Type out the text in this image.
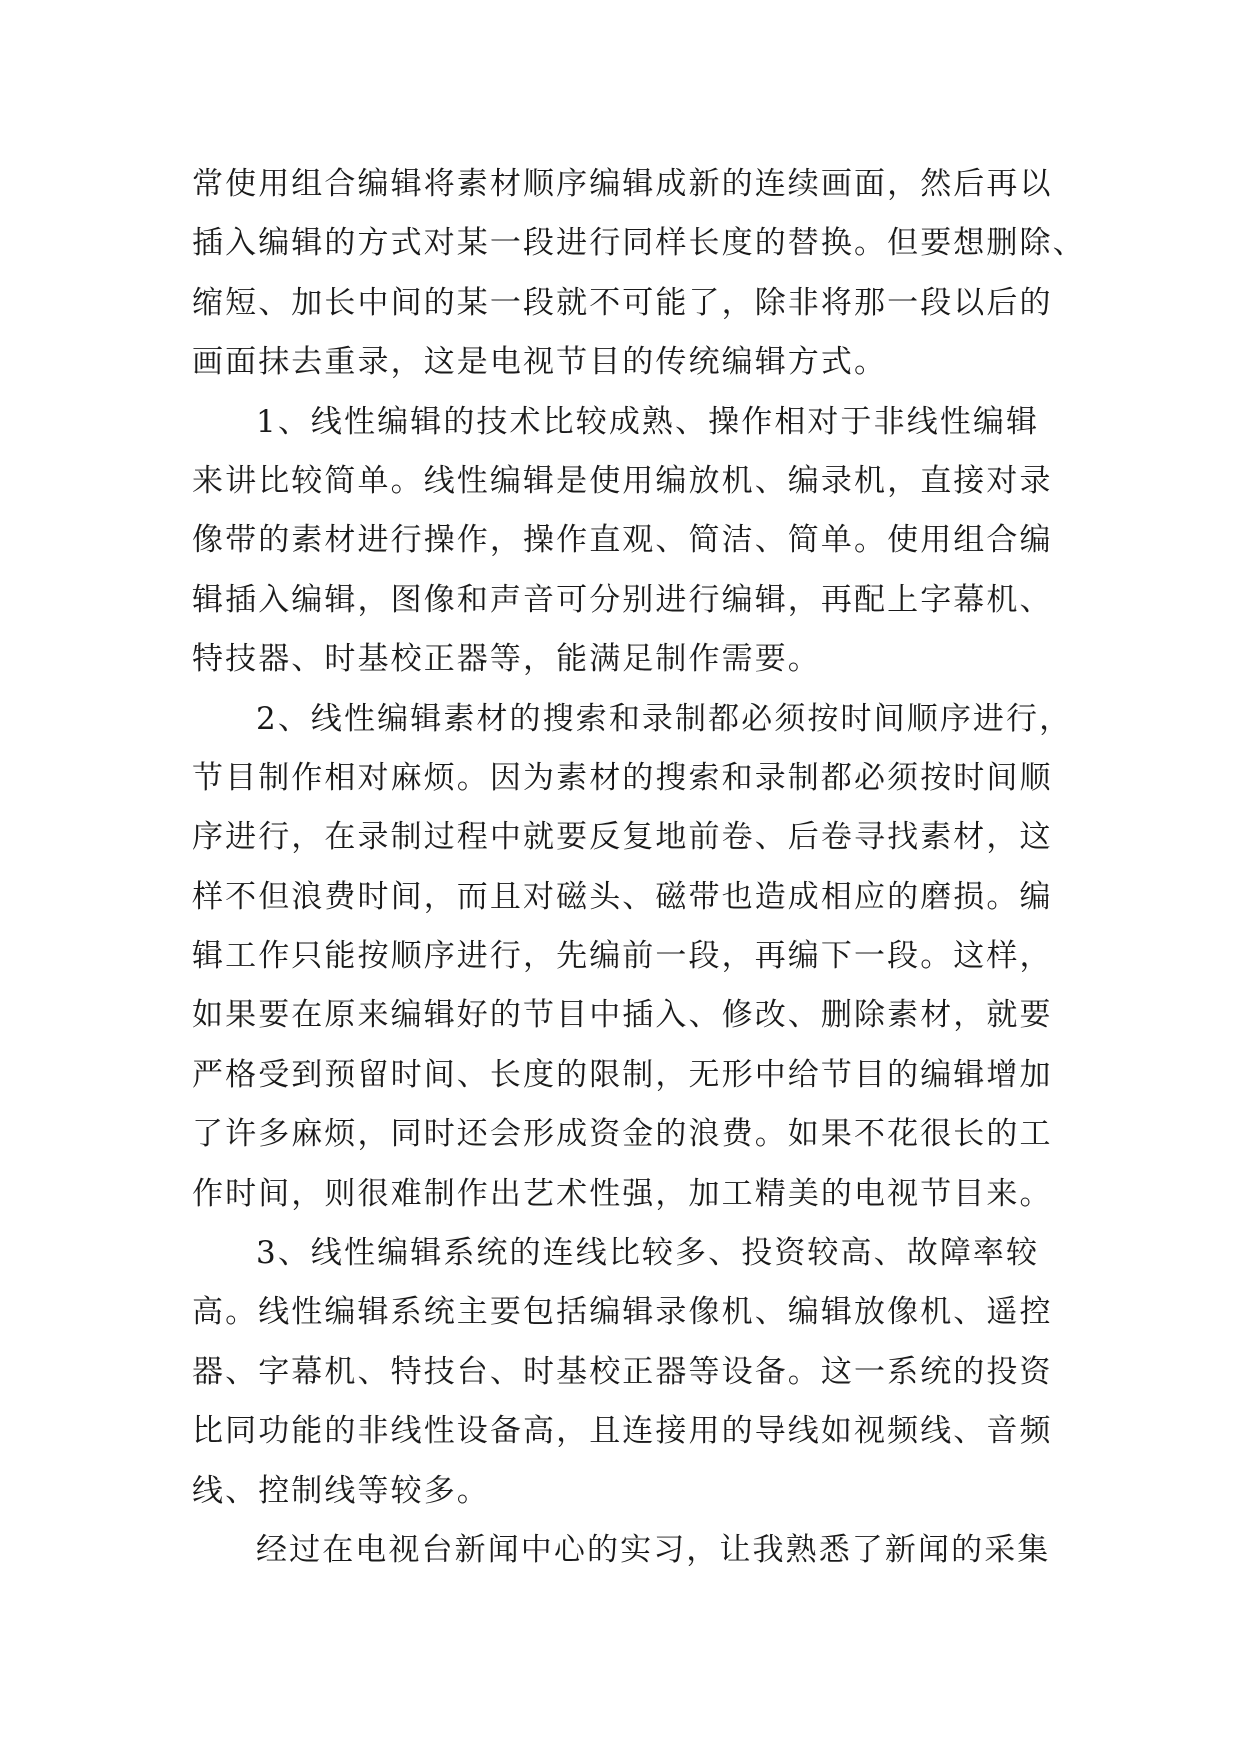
常使用组合编辑将素材顺序编辑成新的连续画面，然后再以
插入编辑的方式对某一段进行同样长度的替换。但要想删除、
缩短、加长中间的某一段就不可能了，除非将那一段以后的
画面抹去重录，这是电视节目的传统编辑方式。
1、线性编辑的技术比较成熟、操作相对于非线性编辑
来讲比较简单。线性编辑是使用编放机、编录机，直接对录
像带的素材进行操作，操作直观、简洁、简单。使用组合编
辑插入编辑，图像和声音可分别进行编辑，再配上字幕机、
特技器、时基校正器等，能满足制作需要。
2、线性编辑素材的搜索和录制都必须按时间顺序进行，
节目制作相对麻烦。因为素材的搜索和录制都必须按时间顺
序进行，在录制过程中就要反复地前卷、后卷寻找素材，这
样不但浪费时间，而且对磁头、磁带也造成相应的磨损。编
辑工作只能按顺序进行，先编前一段，再编下一段。这样，
如果要在原来编辑好的节目中插入、修改、删除素材，就要
严格受到预留时间、长度的限制，无形中给节目的编辑增加
了许多麻烦，同时还会形成资金的浪费。如果不花很长的工
作时间，则很难制作出艺术性强，加工精美的电视节目来。
3、线性编辑系统的连线比较多、投资较高、故障率较
高。线性编辑系统主要包括编辑录像机、编辑放像机、遥控
器、字幕机、特技台、时基校正器等设备。这一系统的投资
比同功能的非线性设备高，且连接用的导线如视频线、音频
线、控制线等较多。
经过在电视台新闻中心的实习，让我熟悉了新闻的采集
